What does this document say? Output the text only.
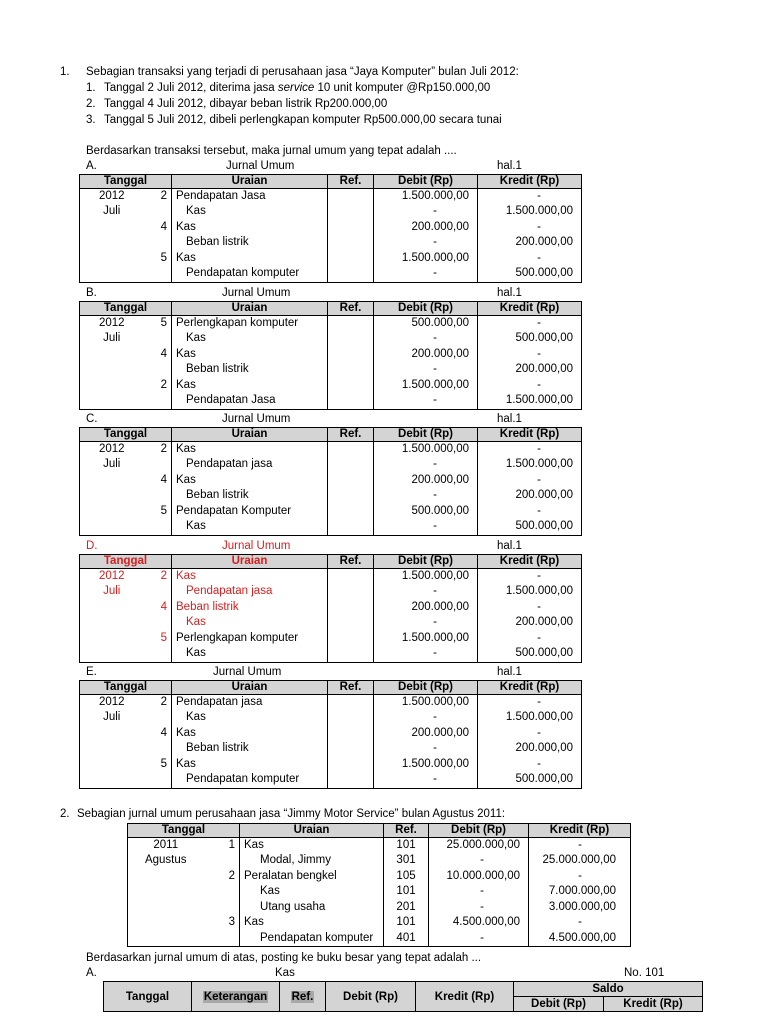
1. Sebagian transaksi yang terjadi di perusahaan jasa “Jaya Komputer” bulan Juli 2012:
1. Tanggal 2 Juli 2012, diterima jasa service 10 unit komputer @Rp150.000,00
2. Tanggal 4 Juli 2012, dibayar beban listrik Rp200.000,00
3. Tanggal 5 Juli 2012, dibeli perlengkapan komputer Rp500.000,00 secara tunai
Berdasarkan transaksi tersebut, maka jurnal umum yang tepat adalah ....
A.	Jurnal Umum	hal.1
Tanggal		Uraian	Ref.	Debit (Rp)	Kredit (Rp)
2012	2	Pendapatan Jasa		1.500.000,00	-
Juli		Kas		-	1.500.000,00
	4	Kas		200.000,00	-
		Beban listrik		-	200.000,00
	5	Kas		1.500.000,00	-
		Pendapatan komputer		-	500.000,00
B.	Jurnal Umum	hal.1
Tanggal		Uraian	Ref.	Debit (Rp)	Kredit (Rp)
2012	5	Perlengkapan komputer		500.000,00	-
Juli		Kas		-	500.000,00
	4	Kas		200.000,00	-
		Beban listrik		-	200.000,00
	2	Kas		1.500.000,00	-
		Pendapatan Jasa		-	1.500.000,00
C.	Jurnal Umum	hal.1
Tanggal		Uraian	Ref.	Debit (Rp)	Kredit (Rp)
2012	2	Kas		1.500.000,00	-
Juli		Pendapatan jasa		-	1.500.000,00
	4	Kas		200.000,00	-
		Beban listrik		-	200.000,00
	5	Pendapatan Komputer		500.000,00	-
		Kas		-	500.000,00
D.	Jurnal Umum	hal.1
Tanggal		Uraian	Ref.	Debit (Rp)	Kredit (Rp)
2012	2	Kas		1.500.000,00	-
Juli		Pendapatan jasa		-	1.500.000,00
	4	Beban listrik		200.000,00	-
		Kas		-	200.000,00
	5	Perlengkapan komputer		1.500.000,00	-
		Kas		-	500.000,00
E.	Jurnal Umum	hal.1
Tanggal		Uraian	Ref.	Debit (Rp)	Kredit (Rp)
2012	2	Pendapatan jasa		1.500.000,00	-
Juli		Kas		-	1.500.000,00
	4	Kas		200.000,00	-
		Beban listrik		-	200.000,00
	5	Kas		1.500.000,00	-
		Pendapatan komputer		-	500.000,00
2. Sebagian jurnal umum perusahaan jasa “Jimmy Motor Service” bulan Agustus 2011:
Tanggal		Uraian	Ref.	Debit (Rp)	Kredit (Rp)
2011	1	Kas	101	25.000.000,00	-
Agustus		Modal, Jimmy	301	-	25.000.000,00
	2	Peralatan bengkel	105	10.000.000,00	-
		Kas	101	-	7.000.000,00
		Utang usaha	201	-	3.000.000,00
	3	Kas	101	4.500.000,00	-
		Pendapatan komputer	401	-	4.500.000,00
Berdasarkan jurnal umum di atas, posting ke buku besar yang tepat adalah ...
A.	Kas	No. 101
Tanggal	Keterangan	Ref.	Debit (Rp)	Kredit (Rp)	Saldo	
					Debit (Rp)	Kredit (Rp)
